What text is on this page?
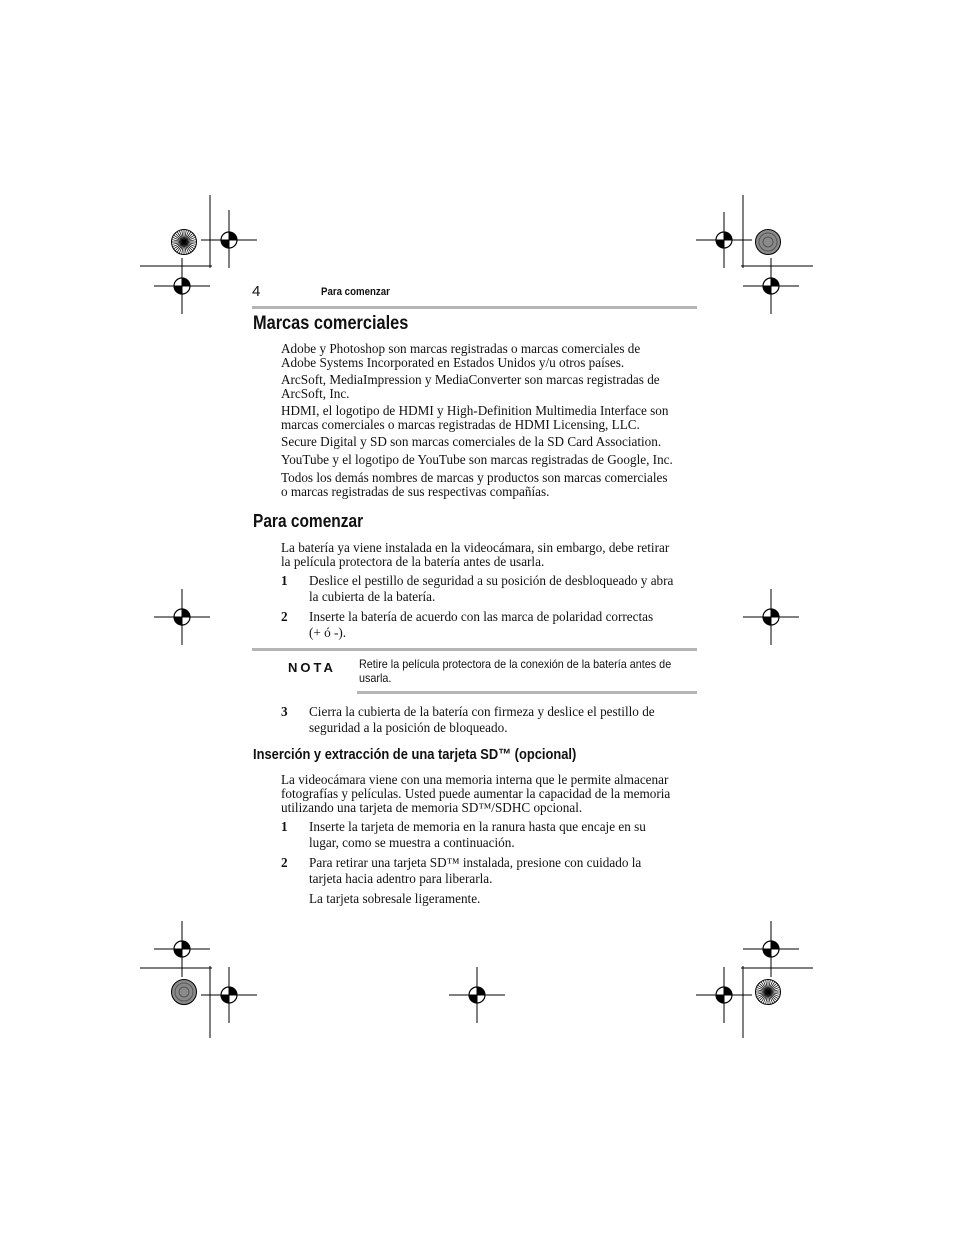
4	Para comenzar
Marcas comerciales
Adobe y Photoshop son marcas registradas o marcas comerciales de
Adobe Systems Incorporated en Estados Unidos y/u otros países.
ArcSoft, MediaImpression y MediaConverter son marcas registradas de
ArcSoft, Inc.
HDMI, el logotipo de HDMI y High-Definition Multimedia Interface son
marcas comerciales o marcas registradas de HDMI Licensing, LLC.
Secure Digital y SD son marcas comerciales de la SD Card Association.
YouTube y el logotipo de YouTube son marcas registradas de Google, Inc.
Todos los demás nombres de marcas y productos son marcas comerciales
o marcas registradas de sus respectivas compañías.
Para comenzar
La batería ya viene instalada en la videocámara, sin embargo, debe retirar
la película protectora de la batería antes de usarla.
1 Deslice el pestillo de seguridad a su posición de desbloqueado y abra
la cubierta de la batería.
2 Inserte la batería de acuerdo con las marca de polaridad correctas
(+ ó -).
NOTA Retire la película protectora de la conexión de la batería antes de
usarla.
3 Cierra la cubierta de la batería con firmeza y deslice el pestillo de
seguridad a la posición de bloqueado.
Inserción y extracción de una tarjeta SD™ (opcional)
La videocámara viene con una memoria interna que le permite almacenar
fotografías y películas. Usted puede aumentar la capacidad de la memoria
utilizando una tarjeta de memoria SD™/SDHC opcional.
1 Inserte la tarjeta de memoria en la ranura hasta que encaje en su
lugar, como se muestra a continuación.
2 Para retirar una tarjeta SD™ instalada, presione con cuidado la
tarjeta hacia adentro para liberarla.
La tarjeta sobresale ligeramente.
